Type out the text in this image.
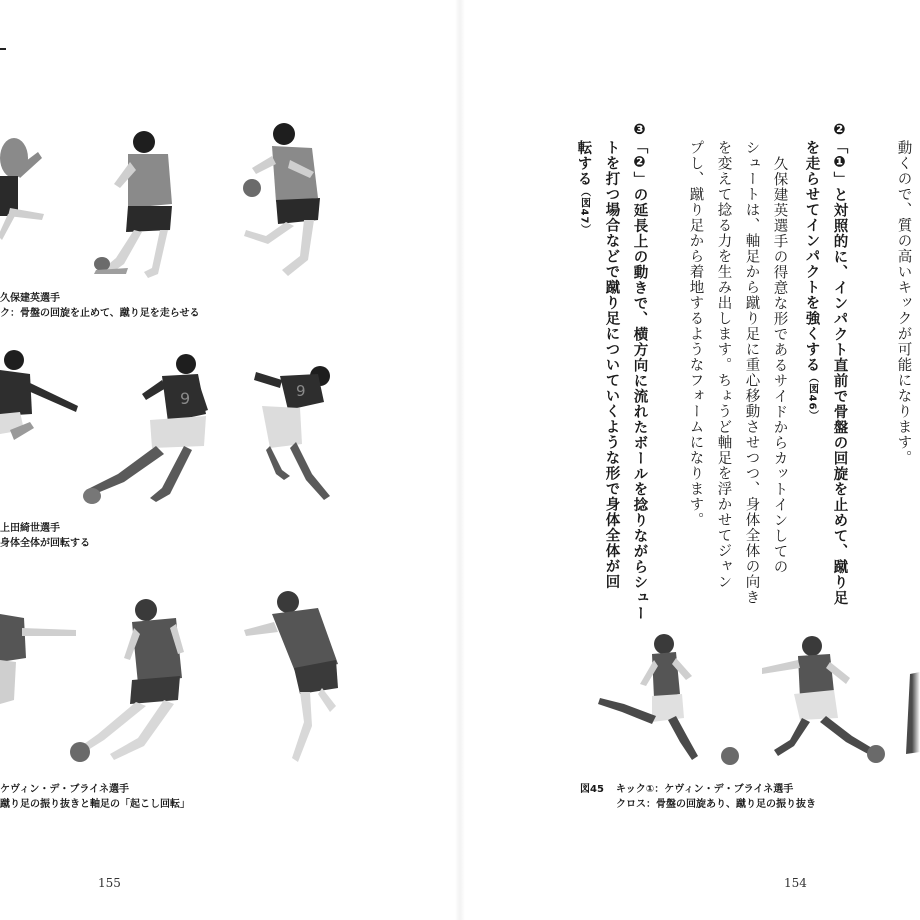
久保建英選手
ク：骨盤の回旋を止めて、蹴り足を走らせる
9	9
上田綺世選手
身体全体が回転する
ケヴィン・デ・ブライネ選手
蹴り足の振り抜きと軸足の「起こし回転」
155
動くので、質の高いキックが可能になります。
❷「❶」と対照的に、インパクト直前で骨盤の回旋を止めて、蹴り足
を走らせてインパクトを強くする（図46）
久保建英選手の得意な形であるサイドからカットインしての
シュートは、軸足から蹴り足に重心移動させつつ、身体全体の向き
を変えて捻る力を生み出します。ちょうど軸足を浮かせてジャン
プし、蹴り足から着地するようなフォームになります。
❸「❷」の延長上の動きで、横方向に流れたボールを捻りながらシュー
トを打つ場合などで蹴り足についていくような形で身体全体が回
転する（図47）
図45 キック①：ケヴィン・デ・ブライネ選手
クロス：骨盤の回旋あり、蹴り足の振り抜き
154
